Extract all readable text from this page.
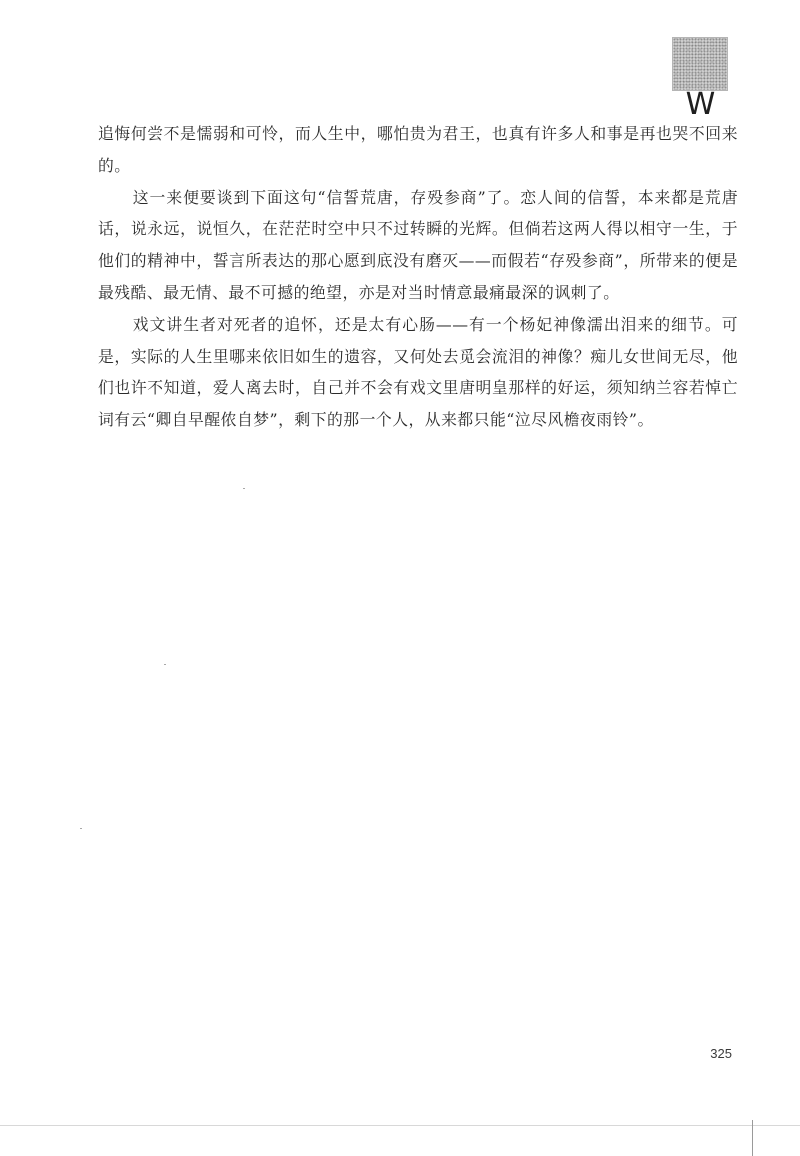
W

追悔何尝不是懦弱和可怜，而人生中，哪怕贵为君王，也真有许多人和事是再也哭不回来的。

这一来便要谈到下面这句“信誓荒唐，存殁参商”了。恋人间的信誓，本来都是荒唐话，说永远，说恒久，在茫茫时空中只不过转瞬的光辉。但倘若这两人得以相守一生，于他们的精神中，誓言所表达的那心愿到底没有磨灭——而假若“存殁参商”，所带来的便是最残酷、最无情、最不可撼的绝望，亦是对当时情意最痛最深的讽刺了。

戏文讲生者对死者的追怀，还是太有心肠——有一个杨妃神像濡出泪来的细节。可是，实际的人生里哪来依旧如生的遗容，又何处去觅会流泪的神像？痴儿女世间无尽，他们也许不知道，爱人离去时，自己并不会有戏文里唐明皇那样的好运，须知纳兰容若悼亡词有云“卿自早醒侬自梦”，剩下的那一个人，从来都只能“泣尽风檐夜雨铃”。

325
